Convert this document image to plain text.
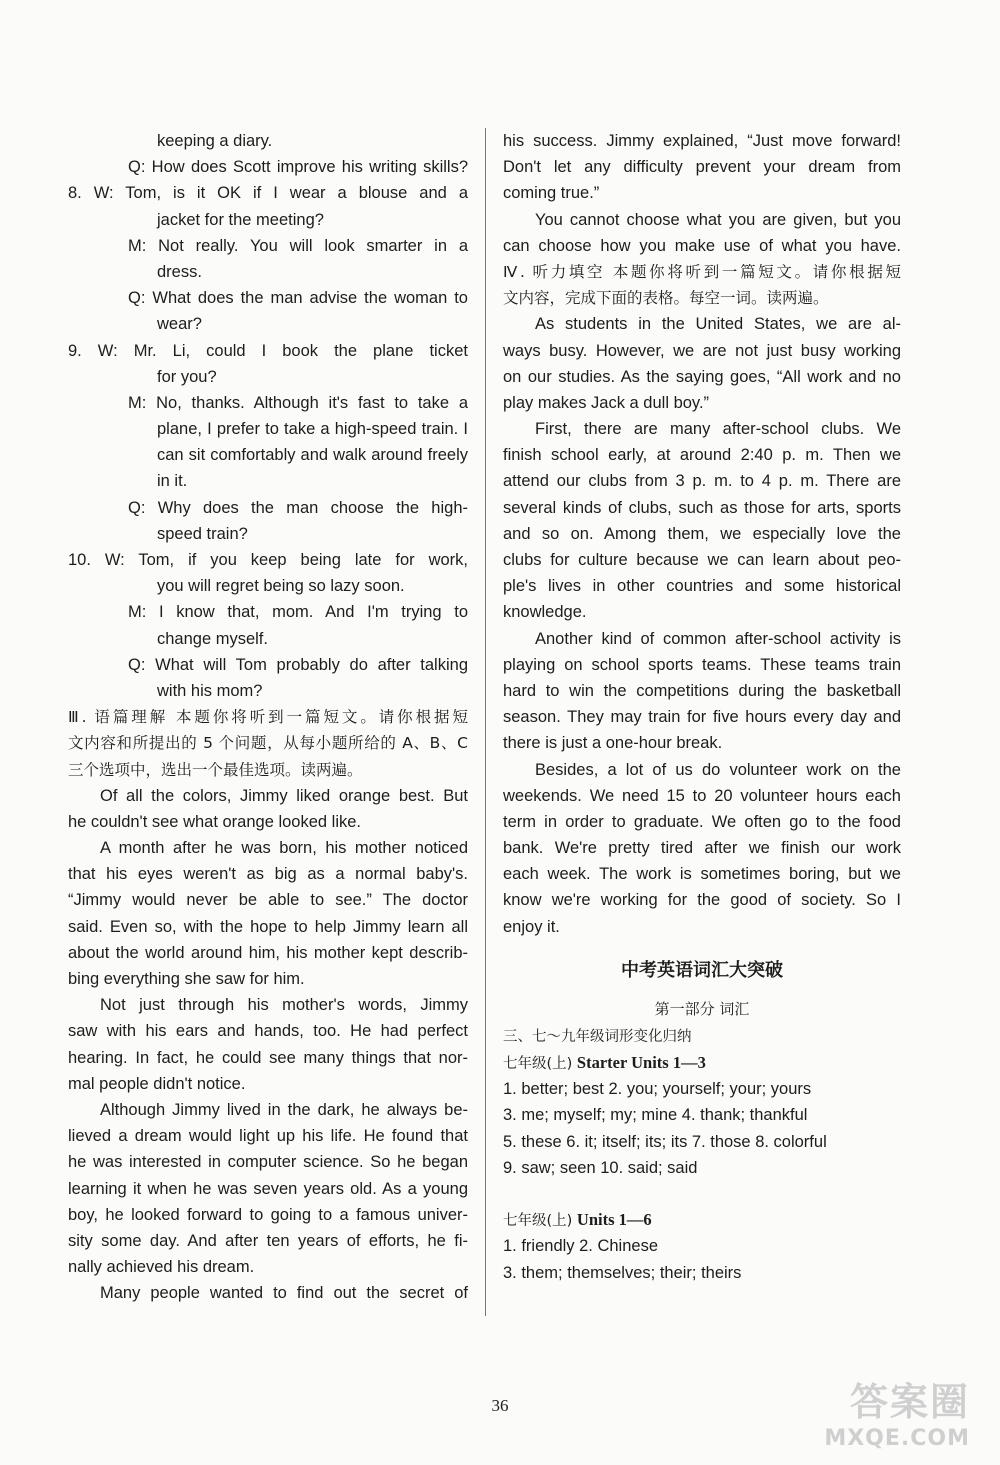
keeping a diary.
Q: How does Scott improve his writing skills?
8. W: Tom, is it OK if I wear a blouse and a
jacket for the meeting?
M: Not really. You will look smarter in a
dress.
Q: What does the man advise the woman to
wear?
9. W: Mr. Li, could I book the plane ticket
for you?
M: No, thanks. Although it's fast to take a
plane, I prefer to take a high-speed train. I
can sit comfortably and walk around freely
in it.
Q: Why does the man choose the high-
speed train?
10. W: Tom, if you keep being late for work,
you will regret being so lazy soon.
M: I know that, mom. And I'm trying to
change myself.
Q: What will Tom probably do after talking
with his mom?
Ⅲ. 语篇理解 本题你将听到一篇短文。请你根据短
文内容和所提出的 5 个问题，从每小题所给的 A、B、C
三个选项中，选出一个最佳选项。读两遍。
Of all the colors, Jimmy liked orange best. But
he couldn't see what orange looked like.
A month after he was born, his mother noticed
that his eyes weren't as big as a normal baby's.
“Jimmy would never be able to see.” The doctor
said. Even so, with the hope to help Jimmy learn all
about the world around him, his mother kept describ-
bing everything she saw for him.
Not just through his mother's words, Jimmy
saw with his ears and hands, too. He had perfect
hearing. In fact, he could see many things that nor-
mal people didn't notice.
Although Jimmy lived in the dark, he always be-
lieved a dream would light up his life. He found that
he was interested in computer science. So he began
learning it when he was seven years old. As a young
boy, he looked forward to going to a famous univer-
sity some day. And after ten years of efforts, he fi-
nally achieved his dream.
Many people wanted to find out the secret of
his success. Jimmy explained, “Just move forward!
Don't let any difficulty prevent your dream from
coming true.”
You cannot choose what you are given, but you
can choose how you make use of what you have.
Ⅳ. 听力填空 本题你将听到一篇短文。请你根据短
文内容，完成下面的表格。每空一词。读两遍。
As students in the United States, we are al-
ways busy. However, we are not just busy working
on our studies. As the saying goes, “All work and no
play makes Jack a dull boy.”
First, there are many after-school clubs. We
finish school early, at around 2:40 p. m. Then we
attend our clubs from 3 p. m. to 4 p. m. There are
several kinds of clubs, such as those for arts, sports
and so on. Among them, we especially love the
clubs for culture because we can learn about peo-
ple's lives in other countries and some historical
knowledge.
Another kind of common after-school activity is
playing on school sports teams. These teams train
hard to win the competitions during the basketball
season. They may train for five hours every day and
there is just a one-hour break.
Besides, a lot of us do volunteer work on the
weekends. We need 15 to 20 volunteer hours each
term in order to graduate. We often go to the food
bank. We're pretty tired after we finish our work
each week. The work is sometimes boring, but we
know we're working for the good of society. So I
enjoy it.
中考英语词汇大突破
第一部分 词汇
三、七～九年级词形变化归纳
七年级(上) Starter Units 1—3
1. better; best 2. you; yourself; your; yours
3. me; myself; my; mine 4. thank; thankful
5. these 6. it; itself; its; its 7. those 8. colorful
9. saw; seen 10. said; said
七年级(上) Units 1—6
1. friendly 2. Chinese
3. them; themselves; their; theirs
36	答案圈
MXQE.COM
